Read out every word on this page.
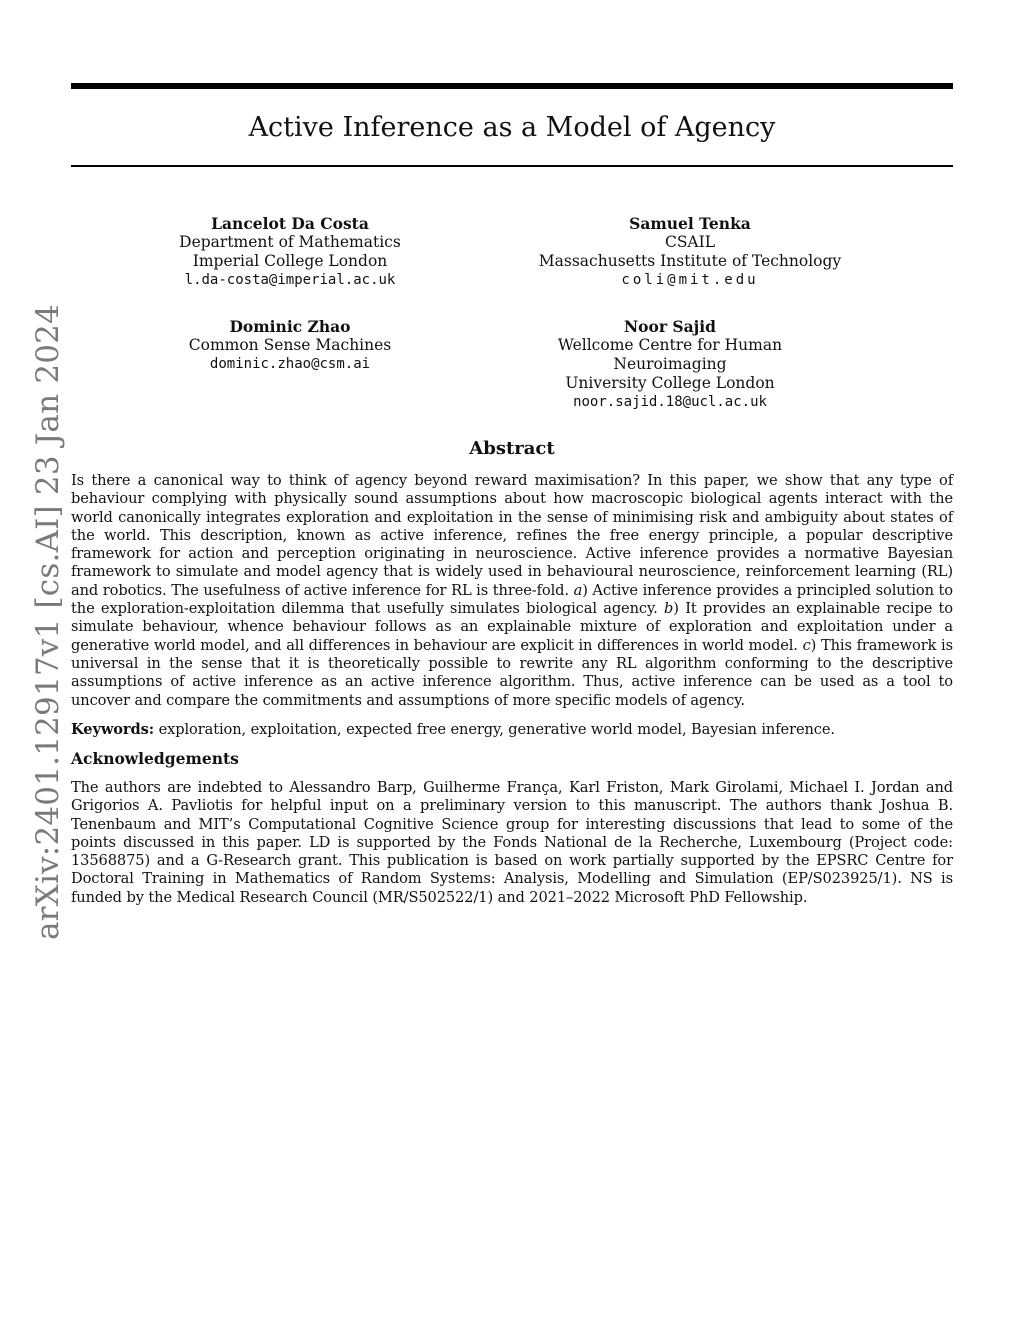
arXiv:2401.12917v1 [cs.AI] 23 Jan 2024
Active Inference as a Model of Agency
Lancelot Da Costa
Department of Mathematics
Imperial College London
l.da-costa@imperial.ac.uk
Samuel Tenka
CSAIL
Massachusetts Institute of Technology
coli@mit.edu
Dominic Zhao
Common Sense Machines
dominic.zhao@csm.ai
Noor Sajid
Wellcome Centre for Human Neuroimaging
University College London
noor.sajid.18@ucl.ac.uk
Abstract

Is there a canonical way to think of agency beyond reward maximisation? In this paper, we show that any type of behaviour complying with physically sound assumptions about how macroscopic biological agents interact with the world canonically integrates exploration and exploitation in the sense of minimising risk and ambiguity about states of the world. This description, known as active inference, refines the free energy principle, a popular descriptive framework for action and perception originating in neuroscience. Active inference provides a normative Bayesian framework to simulate and model agency that is widely used in behavioural neuroscience, reinforcement learning (RL) and robotics. The usefulness of active inference for RL is three-fold. a) Active inference provides a principled solution to the exploration-exploitation dilemma that usefully simulates biological agency. b) It provides an explainable recipe to simulate behaviour, whence behaviour follows as an explainable mixture of exploration and exploitation under a generative world model, and all differences in behaviour are explicit in differences in world model. c) This framework is universal in the sense that it is theoretically possible to rewrite any RL algorithm conforming to the descriptive assumptions of active inference as an active inference algorithm. Thus, active inference can be used as a tool to uncover and compare the commitments and assumptions of more specific models of agency.

Keywords: exploration, exploitation, expected free energy, generative world model, Bayesian inference.

Acknowledgements

The authors are indebted to Alessandro Barp, Guilherme França, Karl Friston, Mark Girolami, Michael I. Jordan and Grigorios A. Pavliotis for helpful input on a preliminary version to this manuscript. The authors thank Joshua B. Tenenbaum and MIT’s Computational Cognitive Science group for interesting discussions that lead to some of the points discussed in this paper. LD is supported by the Fonds National de la Recherche, Luxembourg (Project code: 13568875) and a G-Research grant. This publication is based on work partially supported by the EPSRC Centre for Doctoral Training in Mathematics of Random Systems: Analysis, Modelling and Simulation (EP/S023925/1). NS is funded by the Medical Research Council (MR/S502522/1) and 2021–2022 Microsoft PhD Fellowship.
